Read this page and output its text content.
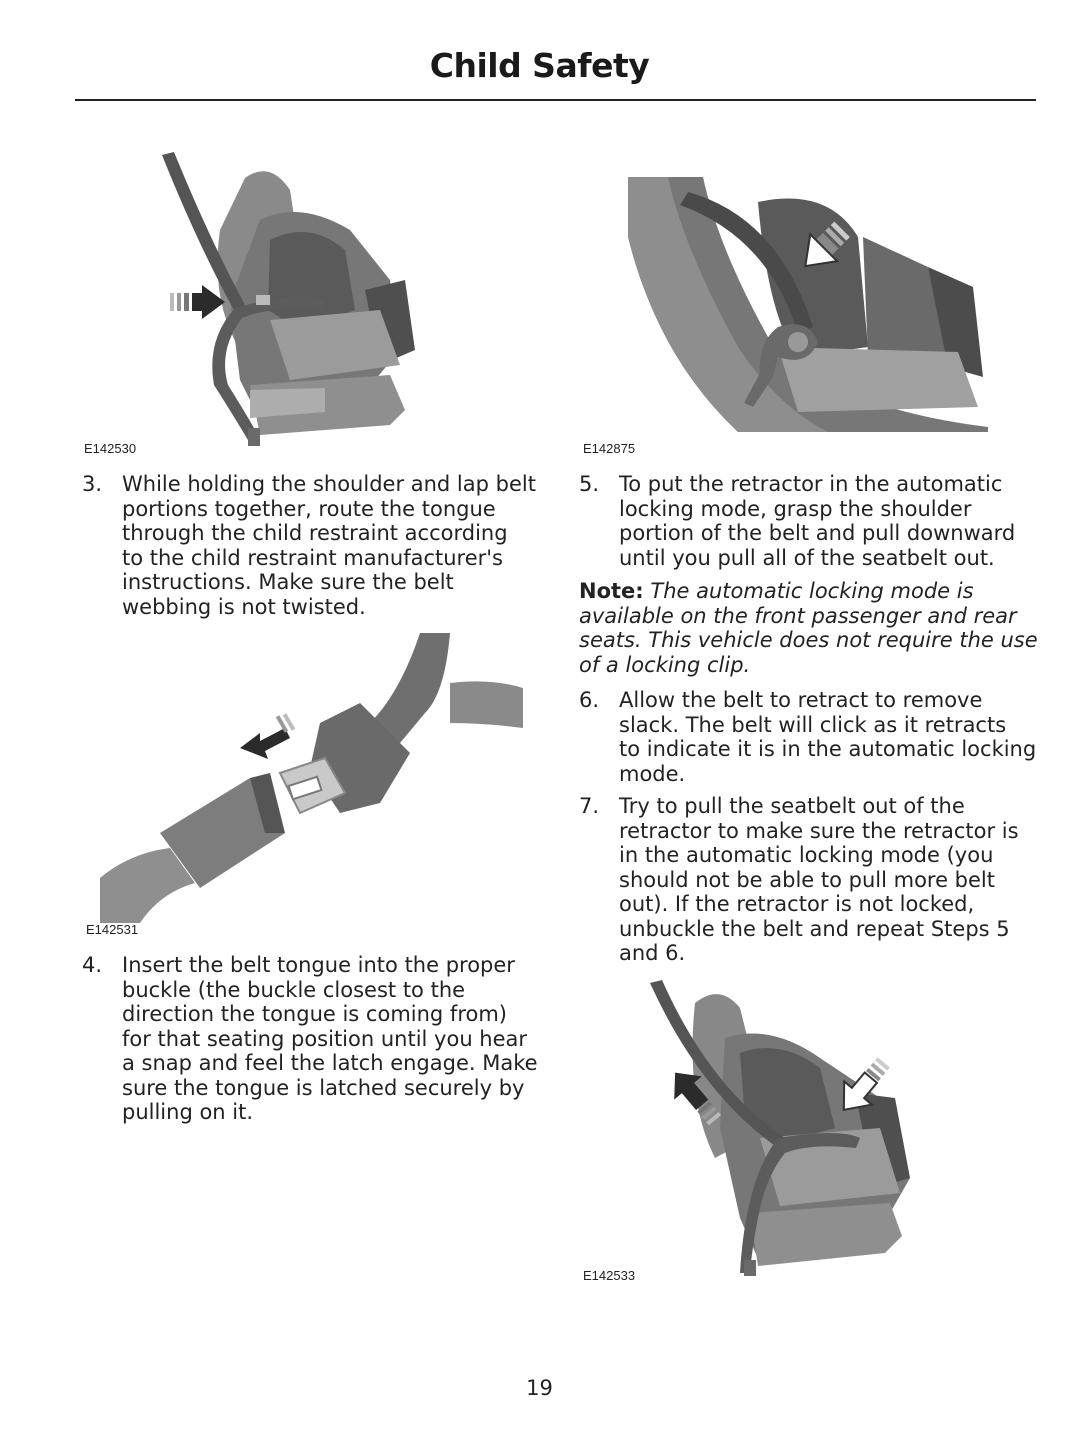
Child Safety
E142530	E142875
3. While holding the shoulder and lap belt
portions together, route the tongue
through the child restraint according
to the child restraint manufacturer's
instructions. Make sure the belt
webbing is not twisted.
5. To put the retractor in the automatic
locking mode, grasp the shoulder
portion of the belt and pull downward
until you pull all of the seatbelt out.
Note: The automatic locking mode is
available on the front passenger and rear
seats. This vehicle does not require the use
of a locking clip.
E142531
6. Allow the belt to retract to remove
slack. The belt will click as it retracts
to indicate it is in the automatic locking
mode.
7. Try to pull the seatbelt out of the
retractor to make sure the retractor is
in the automatic locking mode (you
should not be able to pull more belt
out). If the retractor is not locked,
unbuckle the belt and repeat Steps 5
and 6.
4. Insert the belt tongue into the proper
buckle (the buckle closest to the
direction the tongue is coming from)
for that seating position until you hear
a snap and feel the latch engage. Make
sure the tongue is latched securely by
pulling on it.
E142533
19
